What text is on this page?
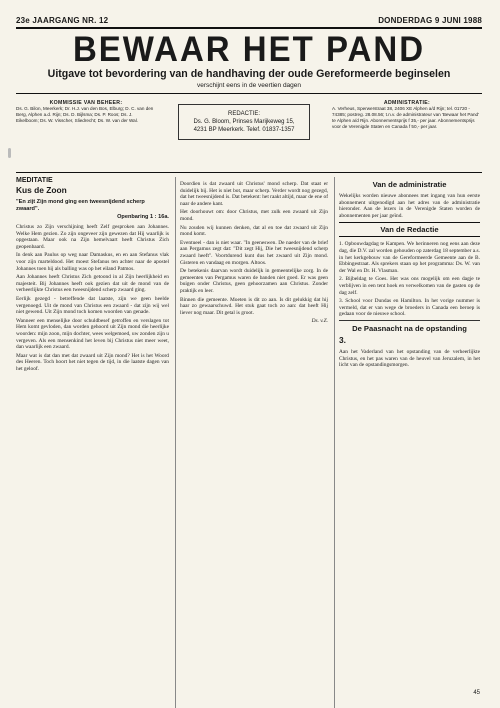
23e JAARGANG NR. 12	DONDERDAG 9 JUNI 1988
BEWAAR HET PAND
Uitgave tot bevordering van de handhaving der oude Gereformeerde beginselen
verschijnt eens in de veertien dagen
KOMMISSIE VAN BEHEER:
Ds. G. Bilon, Meerkerk; Dr. H.J. van den Bos, Elburg; D. C. van den Berg, Alphen a.d. Rijn; Ds. D. Bijlsma; Ds. P. Roos; Ds. J. Eikelboom; Ds. W. Visscher, Sliedrecht; Ds. W. van der Wal.
REDACTIE:
Ds. G. Bloom, Prinses Marijkeweg 15,
4231 BP Meerkerk. Telef. 01837-1357
ADMINISTRATIE:
A. Verheus, Sperwerstraat 38, 2406 XE Alphen a/d Rijn; tel. 01720 - 74385; postreg. 28.08.56; t.n.v. de administrateur van 'Bewaar het Pand' te Alphen a/d Rijn. Abonnementsprijs f 35,- per jaar. Abonnementsprijs voor de Verenigde Staten en Canada f 50,- per jaar.
MEDITATIE
Kus de Zoon
"En zijt Zijn mond ging een tweesnijdend scherp zwaard".
Openbaring 1 : 16a.

Christus zo Zijn verschijning heeft Zelf gesproken aan Johannes. Welke Hem gezien. Zo zijn ongeveer zijn gewezen dat Hij waarlijk is opgestaan. Maar ook na Zijn hemelvaart heeft Christus Zich geopenbaard.

In denk aan Paulus op weg naar Damaskus, en en aan Stefanus vlak voor zijn marteldood. Het moest Stefanus ten achter naar de apostel Johannes toen hij als balling was op het eiland Patmos.

Aan Johannes heeft Christus Zich getoond in al Zijn heerlijkheid en majesteit. Bij Johannes heeft ook gezien dat uit de mond van de verheerlijkte Christus een tweesnijdend scherp zwaard ging.

Eerlijk gezegd - betreffende dat laatste, zijn we geen heelde vergenoegd. Uit de mond van Christus een zwaard - dat zijn wij wel niet gewend. Uit Zijn mond toch komen woorden van genade.

Wanneer een menselijke door schuldbesef getroffen en verslagen tot Hem komt gevloden, dan worden gehoord uit Zijn mond die heerlijke woorden: mijn zoon, mijn dochter, wees welgemoed, uw zonden zijn u vergeven. Als een mensenkind het leven bij Christus niet meer weet, dan waarlijk een zwaard.

Maar wat is dat dan met dat zwaard uit Zijn mond? Het is het Woord des Heeren. Toch hoort het niet tegen de tijd, in die laatste dagen van het geloof.

Doordien is dat zwaard uit Christus' mond scherp. Dat staat er duidelijk bij. Het is niet bot, maar scherp. Verder wordt nog gezegd, dat het tweesnijdend is. Dat betekent: het raakt altijd, maar de ene of naar de andere kant.

Het doorhouwt om: door Christus, met zulk een zwaard uit Zijn mond.

Nu zouden wij kunnen denken, dat al en toe dat zwaard uit Zijn mond komt.

Eventueel - dan is niet waar. "In geeneswen. De naeder van de brief aan Pergamus zegt dat: "Dit zegt Hij, Die het tweesnijdend scherp zwaard heeft". Voortdurend kunt dus het zwaard uit Zijn mond. Gisteren en vandaag en morgen. Altoos.

De betekenis daarvan wordt duidelijk in gemeentelijke zorg. In de gemeenten van Pergamus waren de banden niet goed. Er was geen buigen onder Christus, geen gehoorzamen aan Christus. Zonder praktijk en leer.

Binnen die gemeente. Moeten is dit zo aan. Is dit gelukkig dat hij haar zo gewaarschuwd. Het stuk gaat toch zo aan: dat heeft Hij liever nog maar. Dit getal is groot.

Ds. v.Z.
Van de administratie

Wekelijks worden nieuwe abonnees met ingang van hun eerste abonnement uitgenodigd aan het adres van de administratie hieronder. Aan de lezers in de Verenigde Staten worden de abonnementen per jaar geïnd.

Van de Redactie

1. Opbouwdagdag te Kampen. We herinneren nog eens aan deze dag, die D.V. zal worden gehouden op zaterdag 18 september a.s. in het kerkgebouw van de Gereformeerde Gemeente aan de B. Ebbingestraat. Als sprekers staan op het programma: Ds. W. van der Wal en Dr. H. Vlasman.

2. Bijbeldag te Goes. Het was ons mogelijk om een dagje te verblijven in een tent hoek en verwelkomen van de gasten op de dag zelf.

3. School voor Dundas en Hamilton. In het vorige nummer is vermeld, dat er van wege de broeders in Canada een beroep is gedaan voor de nieuwe school.

De Paasnacht na de opstanding
3.

Aan het Vaderland van het opstanding van de verheerlijkte Christus, en het pas waren van de heuvel van Jeruzalem, in het licht van de opstandingsmorgen.

45
